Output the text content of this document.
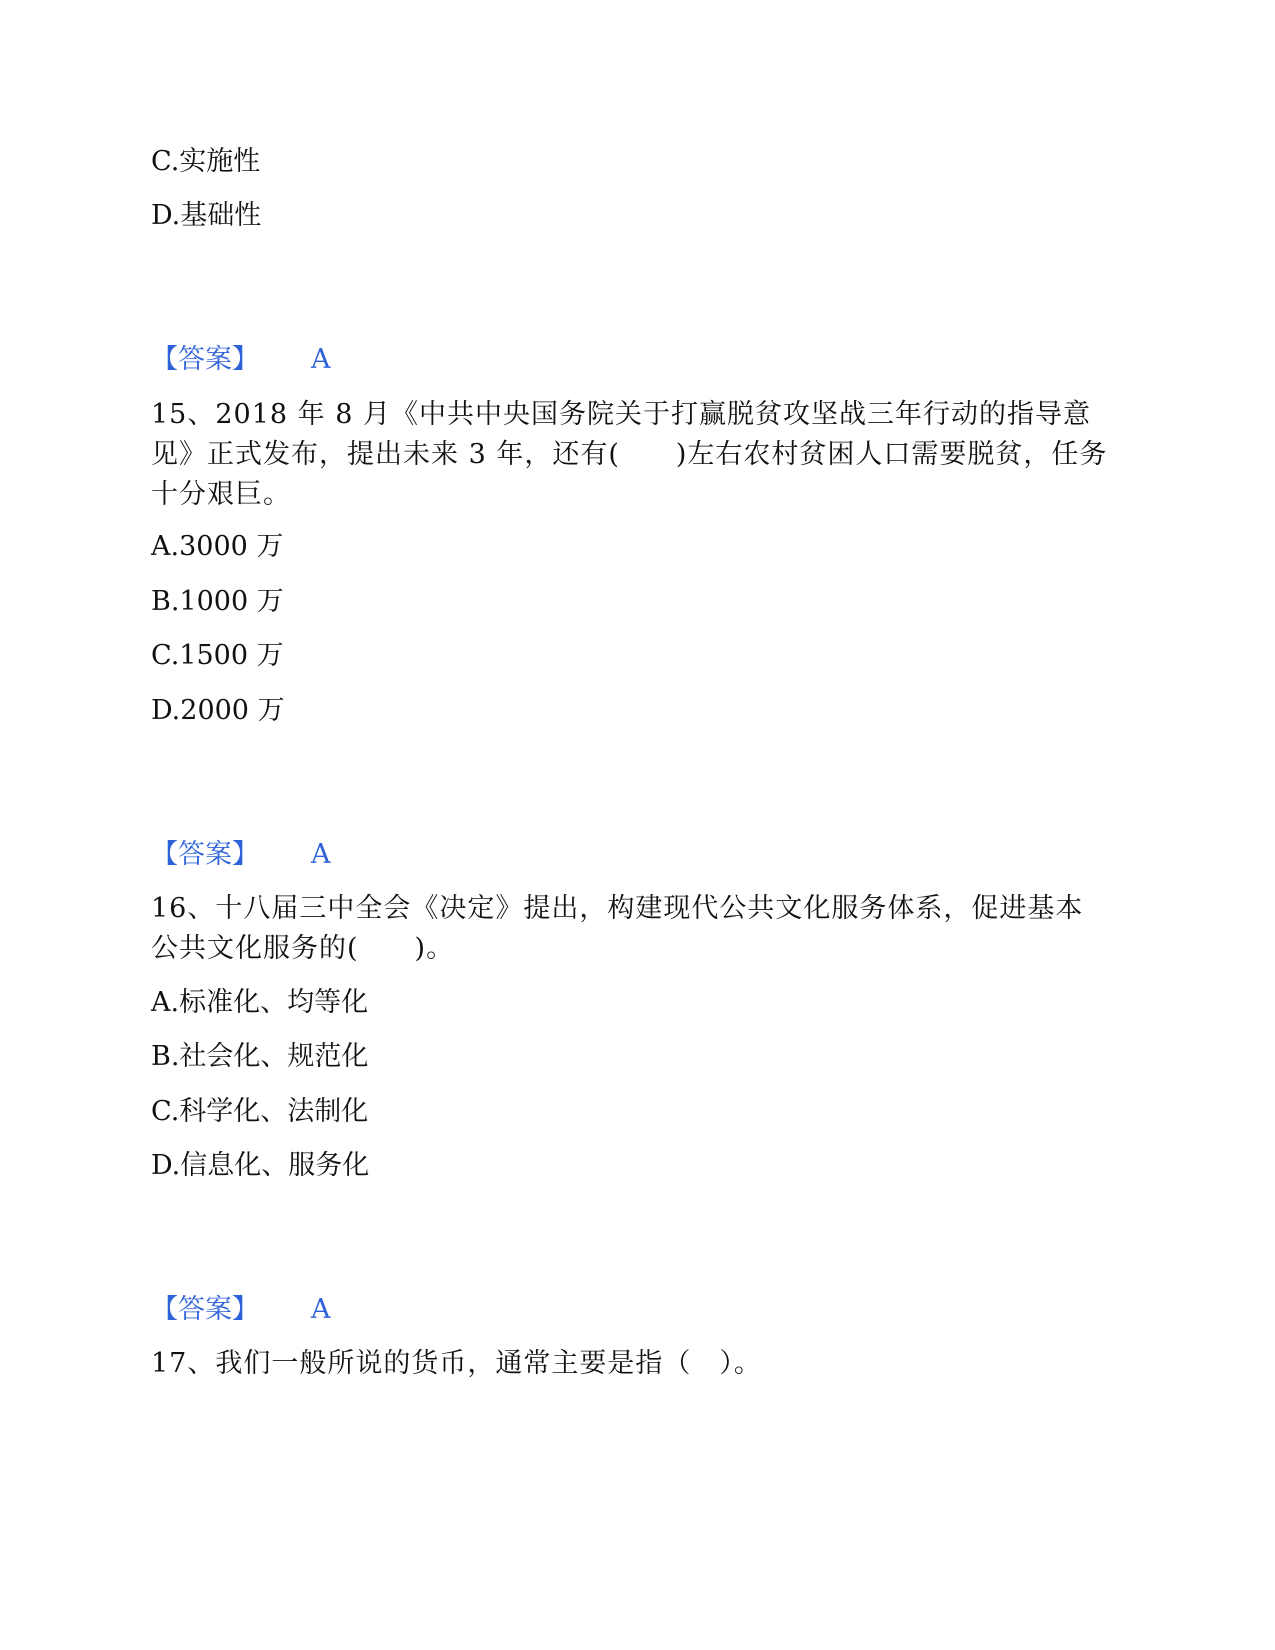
C.实施性
D.基础性
【答案】 A
15、2018 年 8 月《中共中央国务院关于打赢脱贫攻坚战三年行动的指导意见》正式发布，提出未来 3 年，还有(　　)左右农村贫困人口需要脱贫，任务十分艰巨。
A.3000 万
B.1000 万
C.1500 万
D.2000 万
【答案】 A
16、十八届三中全会《决定》提出，构建现代公共文化服务体系，促进基本公共文化服务的(　　)。
A.标准化、均等化
B.社会化、规范化
C.科学化、法制化
D.信息化、服务化
【答案】 A
17、我们一般所说的货币，通常主要是指（　）。
